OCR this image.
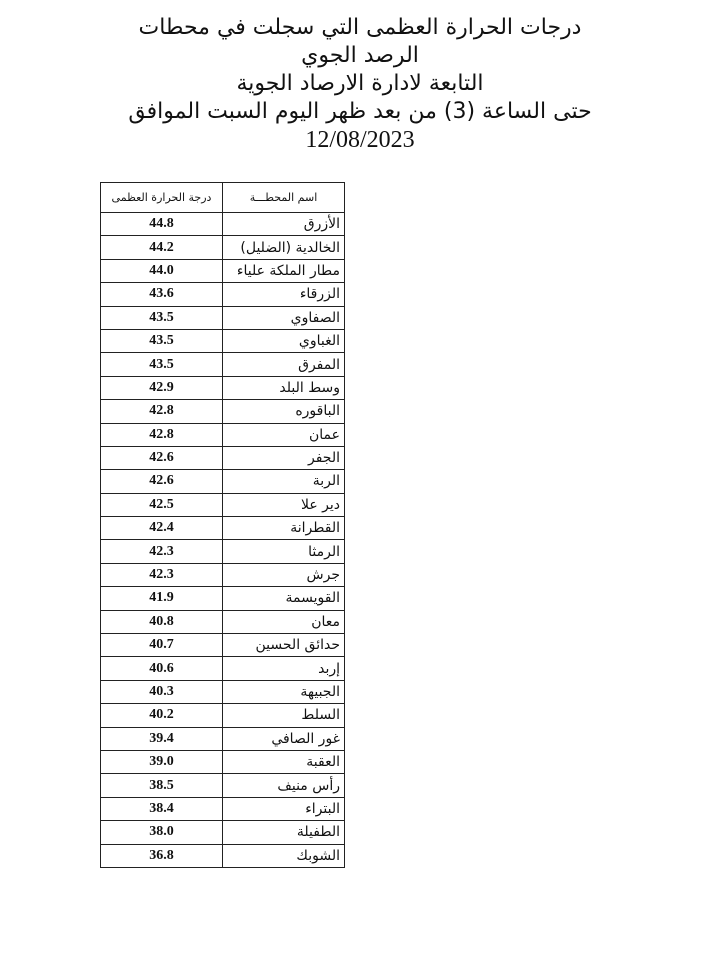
درجات الحرارة العظمى التي سجلت في محطات
الرصد الجوي
التابعة لادارة الارصاد الجوية
حتى الساعة (3) من بعد ظهر اليوم السبت الموافق
12/08/2023
اسم المحطـــة	درجة الحرارة العظمى
الأزرق	44.8
الخالدية (الضليل)	44.2
مطار الملكة علياء	44.0
الزرقاء	43.6
الصفاوي	43.5
الغباوي	43.5
المفرق	43.5
وسط البلد	42.9
الباقوره	42.8
عمان	42.8
الجفر	42.6
الربة	42.6
دير علا	42.5
القطرانة	42.4
الرمثا	42.3
جرش	42.3
القويسمة	41.9
معان	40.8
حدائق الحسين	40.7
إربد	40.6
الجبيهة	40.3
السلط	40.2
غور الصافي	39.4
العقبة	39.0
رأس منيف	38.5
البتراء	38.4
الطفيلة	38.0
الشوبك	36.8
